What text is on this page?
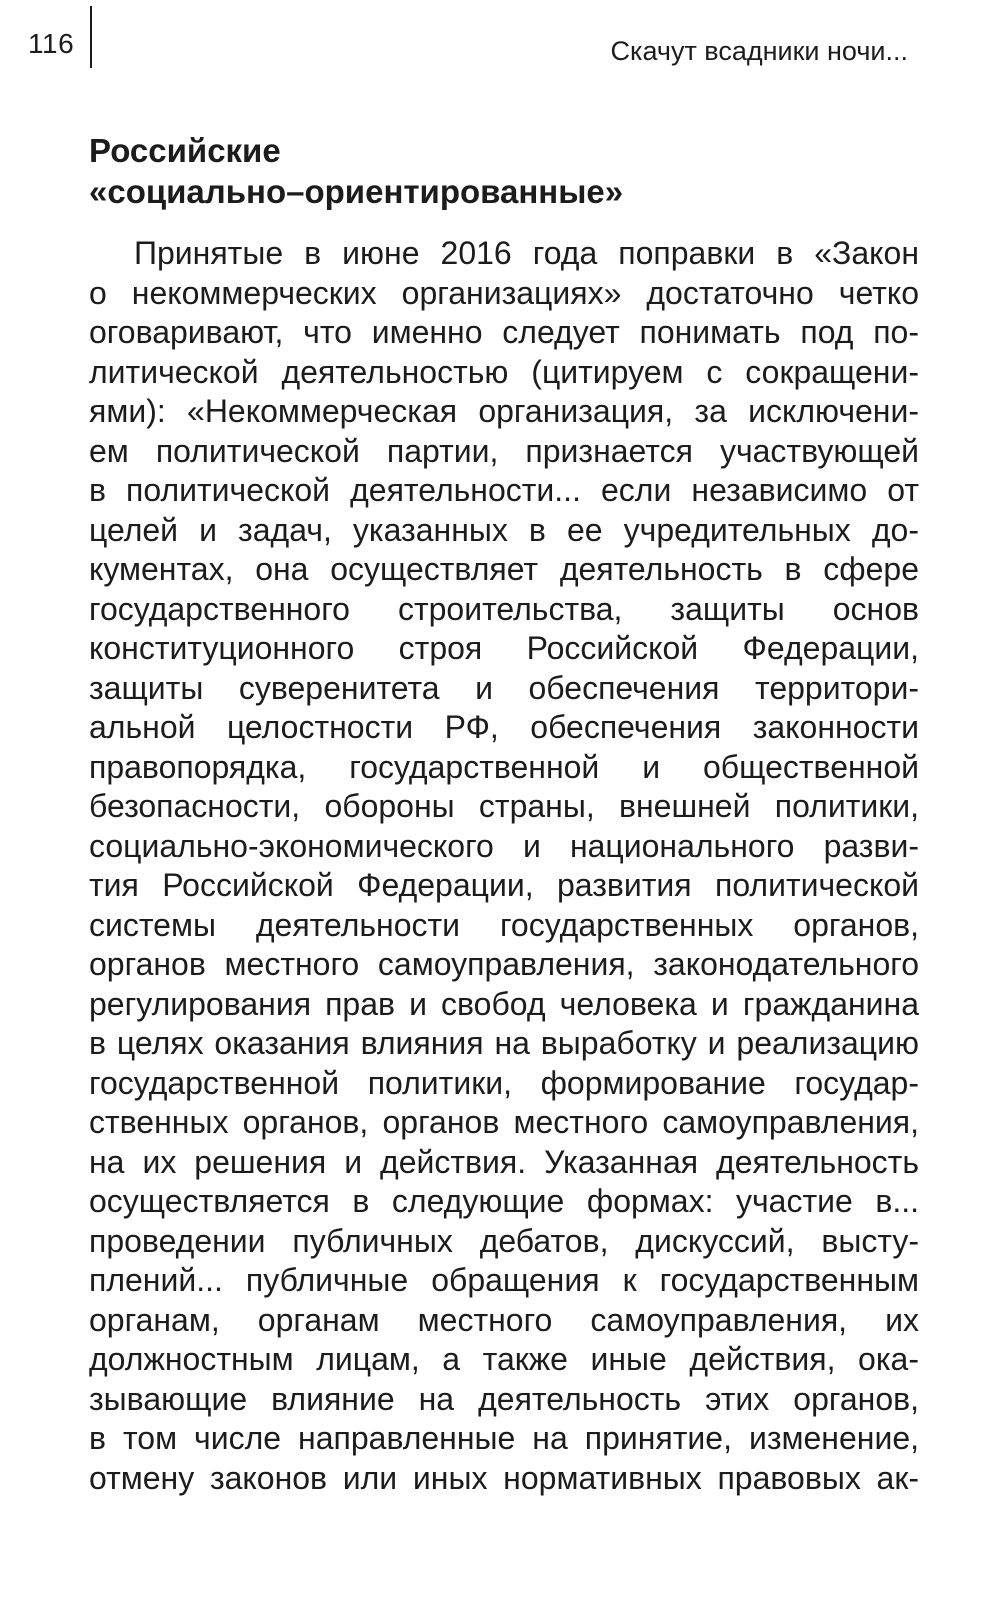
116	Скачут всадники ночи...
Российские
«социально–ориентированные»
Принятые в июне 2016 года поправки в «Закон
о некоммерческих организациях» достаточно четко
оговаривают, что именно следует понимать под по-
литической деятельностью (цитируем с сокращени-
ями): «Некоммерческая организация, за исключени-
ем политической партии, признается участвующей
в политической деятельности... если независимо от
целей и задач, указанных в ее учредительных до-
кументах, она осуществляет деятельность в сфере
государственного строительства, защиты основ
конституционного строя Российской Федерации,
защиты суверенитета и обеспечения территори-
альной целостности РФ, обеспечения законности
правопорядка, государственной и общественной
безопасности, обороны страны, внешней политики,
социально-экономического и национального разви-
тия Российской Федерации, развития политической
системы деятельности государственных органов,
органов местного самоуправления, законодательного
регулирования прав и свобод человека и гражданина
в целях оказания влияния на выработку и реализацию
государственной политики, формирование государ-
ственных органов, органов местного самоуправления,
на их решения и действия. Указанная деятельность
осуществляется в следующие формах: участие в...
проведении публичных дебатов, дискуссий, высту-
плений... публичные обращения к государственным
органам, органам местного самоуправления, их
должностным лицам, а также иные действия, ока-
зывающие влияние на деятельность этих органов,
в том числе направленные на принятие, изменение,
отмену законов или иных нормативных правовых ак-
